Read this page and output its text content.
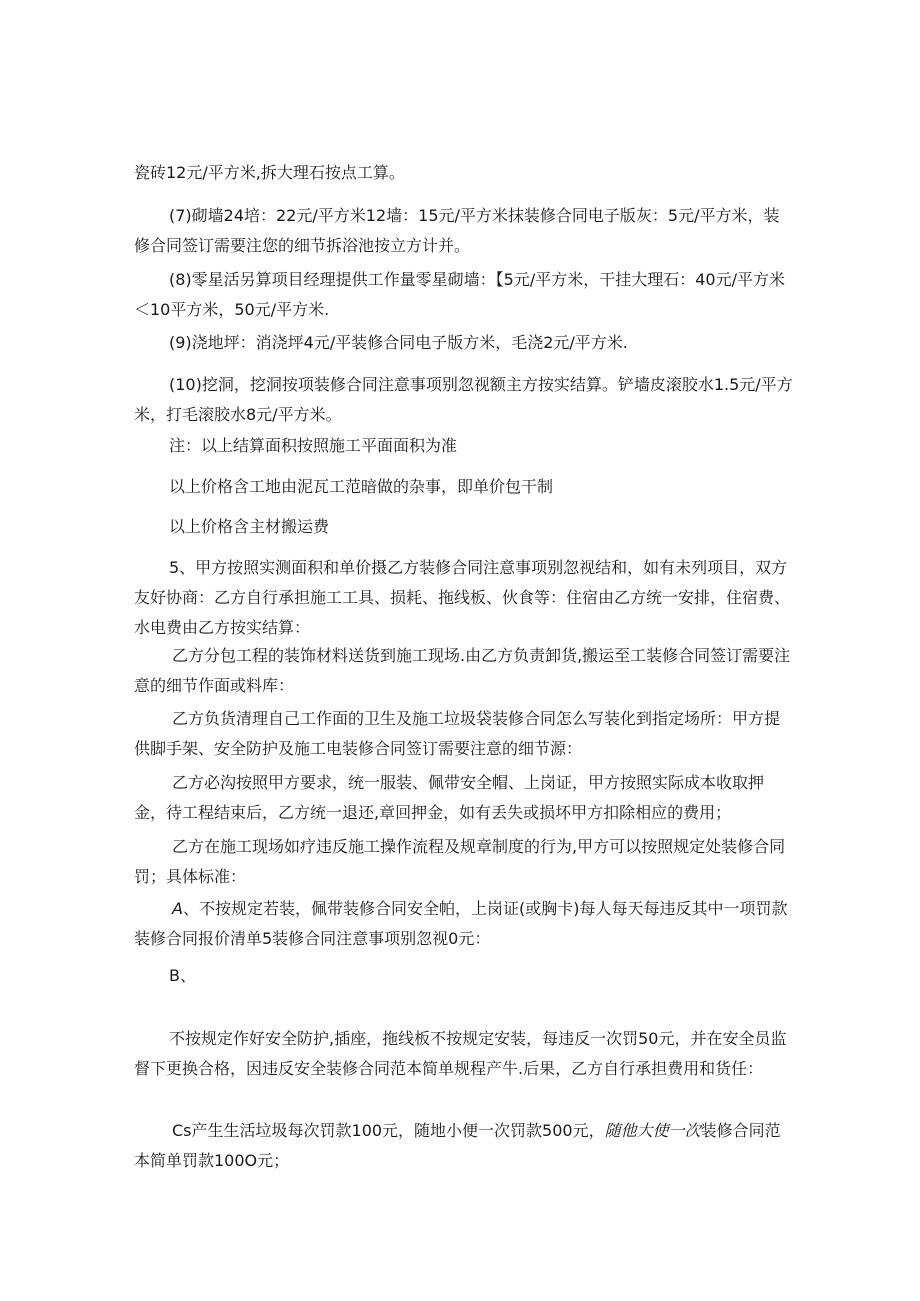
瓷砖12元/平方米,拆大理石按点工算。

(7)砌墙24培：22元/平方米12墙：15元/平方米抹装修合同电子版灰：5元/平方米，装修合同签订需要注您的细节拆浴池按立方计并。

(8)零星活另算项目经理提供工作量零星砌墙：【5元/平方米，干挂大理石：40元/平方米＜10平方米，50元/平方米.

(9)浇地坪：消浇坪4元/平装修合同电子版方米，毛浇2元/平方米.

(10)挖洞，挖洞按项装修合同注意事项别忽视额主方按实结算。铲墙皮滚胶水1.5元/平方米，打毛滚胶水8元/平方米。

注：以上结算面积按照施工平面面积为准

以上价格含工地由泥瓦工范暗做的杂事，即单价包干制

以上价格含主材搬运费

5、甲方按照实测面积和单价摄乙方装修合同注意事项别忽视结和，如有未列项目，双方友好协商：乙方自行承担施工工具、损耗、拖线板、伙食等：住宿由乙方统一安排，住宿费、水电费由乙方按实结算：

乙方分包工程的装饰材料送货到施工现场.由乙方负责卸货,搬运至工装修合同签订需要注意的细节作面或料库：

乙方负货清理自己工作面的卫生及施工垃圾袋装修合同怎么写装化到指定场所：甲方提供脚手架、安全防护及施工电装修合同签订需要注意的细节源：

乙方必沟按照甲方要求，统一服装、佩带安全帽、上岗证，甲方按照实际成本收取押金，待工程结束后，乙方统一退还,章回押金，如有丢失或损坏甲方扣除相应的费用；

乙方在施工现场如疗违反施工操作流程及规章制度的行为,甲方可以按照规定处装修合同罚；具体标准：

A、不按规定若装，佩带装修合同安全帕，上岗证(或胸卡)每人每天每违反其中一项罚款装修合同报价清单5装修合同注意事项别忽视0元：

B、

不按规定作好安全防护,插座，拖线板不按规定安装，每违反一次罚50元，并在安全员监督下更换合格，因违反安全装修合同范本简单规程产牛.后果，乙方自行承担费用和货任：

Cs产生生活垃圾每次罚款100元，随地小便一次罚款500元，随他大使一次装修合同范本简单罚款100O元；
